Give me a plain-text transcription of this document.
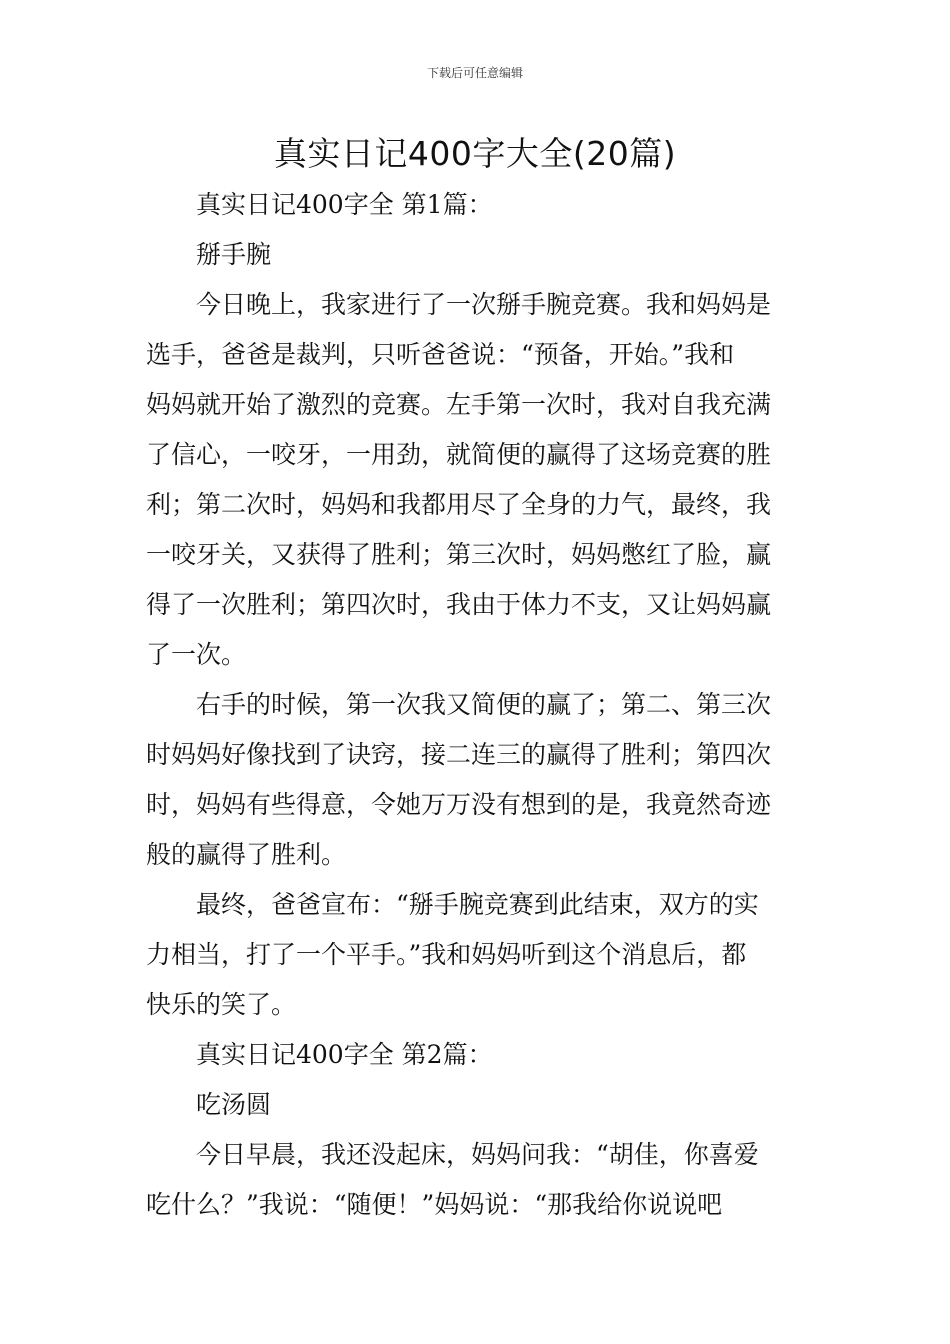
下载后可任意编辑
真实日记400字大全(20篇)
真实日记400字全 第1篇：
掰手腕
今日晚上，我家进行了一次掰手腕竞赛。我和妈妈是
选手，爸爸是裁判，只听爸爸说：“预备，开始。”我和
妈妈就开始了激烈的竞赛。左手第一次时，我对自我充满
了信心，一咬牙，一用劲，就简便的赢得了这场竞赛的胜
利；第二次时，妈妈和我都用尽了全身的力气，最终，我
一咬牙关，又获得了胜利；第三次时，妈妈憋红了脸，赢
得了一次胜利；第四次时，我由于体力不支，又让妈妈赢
了一次。
右手的时候，第一次我又简便的赢了；第二、第三次
时妈妈好像找到了诀窍，接二连三的赢得了胜利；第四次
时，妈妈有些得意，令她万万没有想到的是，我竟然奇迹
般的赢得了胜利。
最终，爸爸宣布：“掰手腕竞赛到此结束，双方的实
力相当，打了一个平手。”我和妈妈听到这个消息后，都
快乐的笑了。
真实日记400字全 第2篇：
吃汤圆
今日早晨，我还没起床，妈妈问我：“胡佳，你喜爱
吃什么？”我说：“随便！”妈妈说：“那我给你说说吧
